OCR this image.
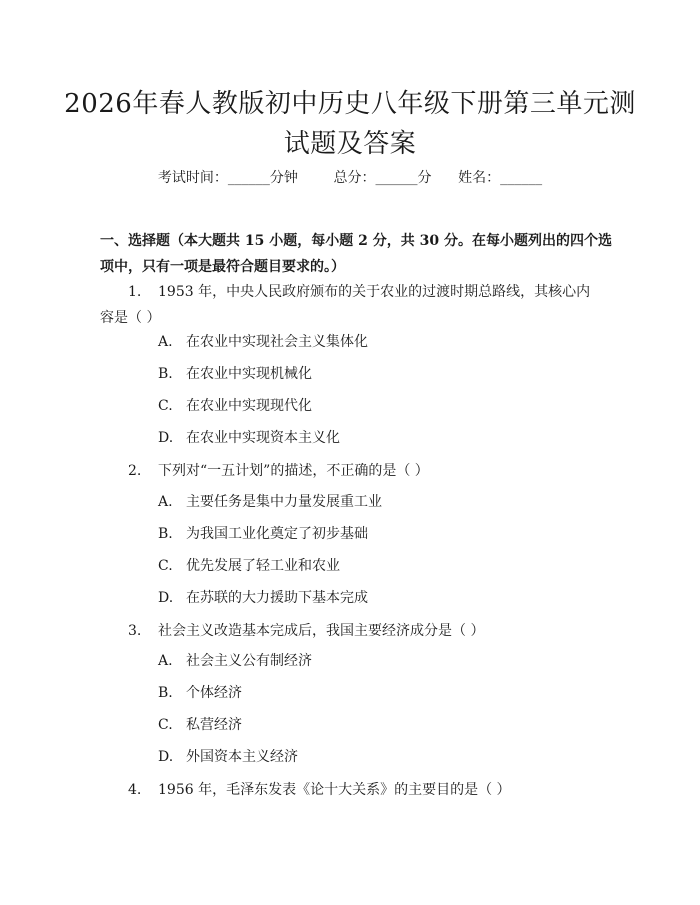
2026年春人教版初中历史八年级下册第三单元测试题及答案
考试时间：______分钟	总分：______分 姓名：______
一、选择题（本大题共 15 小题，每小题 2 分，共 30 分。在每小题列出的四个选项中，只有一项是最符合题目要求的。）
1. 1953 年，中央人民政府颁布的关于农业的过渡时期总路线，其核心内容是（ ）
A. 在农业中实现社会主义集体化
B. 在农业中实现机械化
C. 在农业中实现现代化
D. 在农业中实现资本主义化
2. 下列对“一五计划”的描述，不正确的是（ ）
A. 主要任务是集中力量发展重工业
B. 为我国工业化奠定了初步基础
C. 优先发展了轻工业和农业
D. 在苏联的大力援助下基本完成
3. 社会主义改造基本完成后，我国主要经济成分是（ ）
A. 社会主义公有制经济
B. 个体经济
C. 私营经济
D. 外国资本主义经济
4. 1956 年，毛泽东发表《论十大关系》的主要目的是（ ）
